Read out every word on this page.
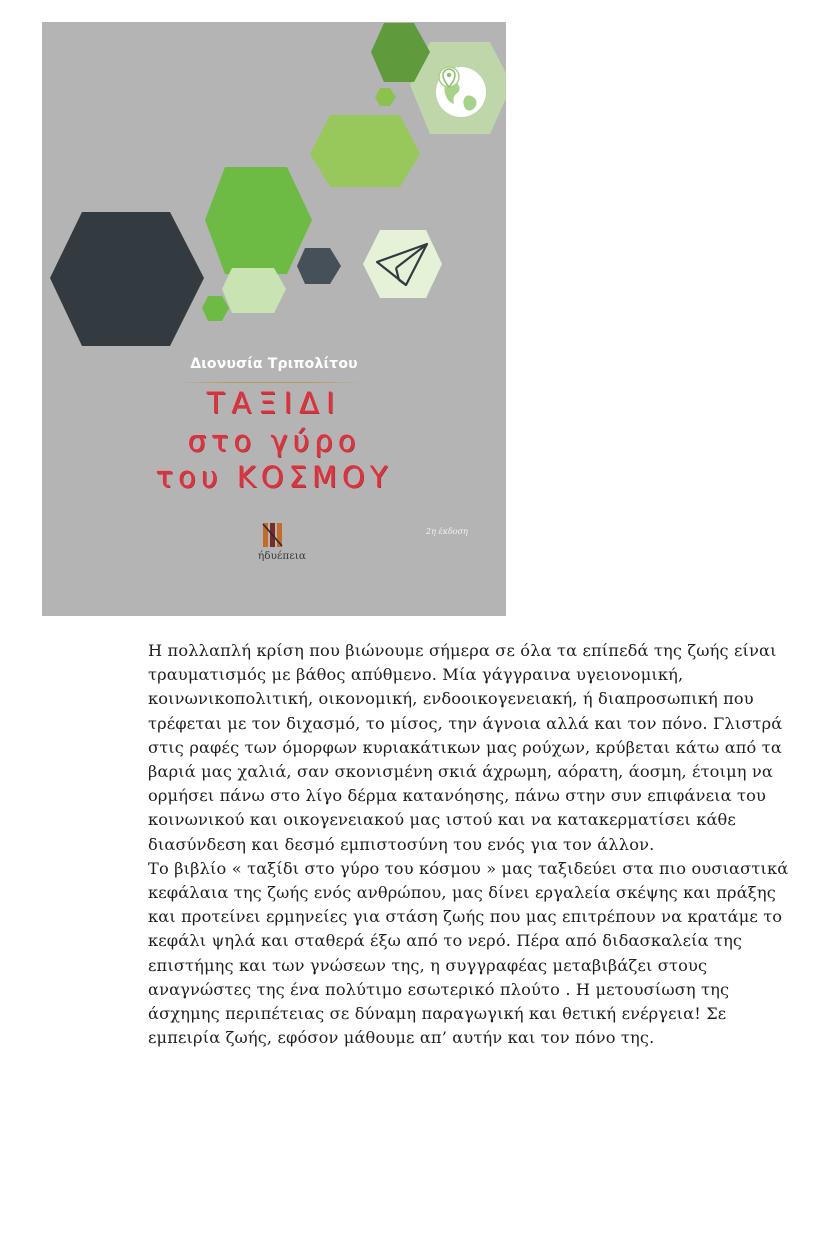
Διονυσία Τριπολίτου
ΤΑΞΙΔΙ
στο γύρο
του ΚΟΣΜΟΥ
ήδυέπεια
2η έκδοση

Η πολλαπλή κρίση που βιώνουμε σήμερα σε όλα τα επίπεδά της ζωής είναι τραυματισμός με βάθος απύθμενο. Μία γάγγραινα υγειονομική, κοινωνικοπολιτική, οικονομική, ενδοοικογενειακή, ή διαπροσωπική που τρέφεται με τον διχασμό, το μίσος, την άγνοια αλλά και τον πόνο. Γλιστρά στις ραφές των όμορφων κυριακάτικων μας ρούχων, κρύβεται κάτω από τα βαριά μας χαλιά, σαν σκονισμένη σκιά άχρωμη, αόρατη, άοσμη, έτοιμη να ορμήσει πάνω στο λίγο δέρμα κατανόησης, πάνω στην συν επιφάνεια του κοινωνικού και οικογενειακού μας ιστού και να κατακερματίσει κάθε διασύνδεση και δεσμό εμπιστοσύνη του ενός για τον άλλον.

Το βιβλίο « ταξίδι στο γύρο του κόσμου » μας ταξιδεύει στα πιο ουσιαστικά κεφάλαια της ζωής ενός ανθρώπου, μας δίνει εργαλεία σκέψης και πράξης και προτείνει ερμηνείες για στάση ζωής που μας επιτρέπουν να κρατάμε το κεφάλι ψηλά και σταθερά έξω από το νερό. Πέρα από διδασκαλεία της επιστήμης και των γνώσεων της, η συγγραφέας μεταβιβάζει στους αναγνώστες της ένα πολύτιμο εσωτερικό πλούτο . Η μετουσίωση της άσχημης περιπέτειας σε δύναμη παραγωγική και θετική ενέργεια! Σε εμπειρία ζωής, εφόσον μάθουμε απ’ αυτήν και τον πόνο της.
